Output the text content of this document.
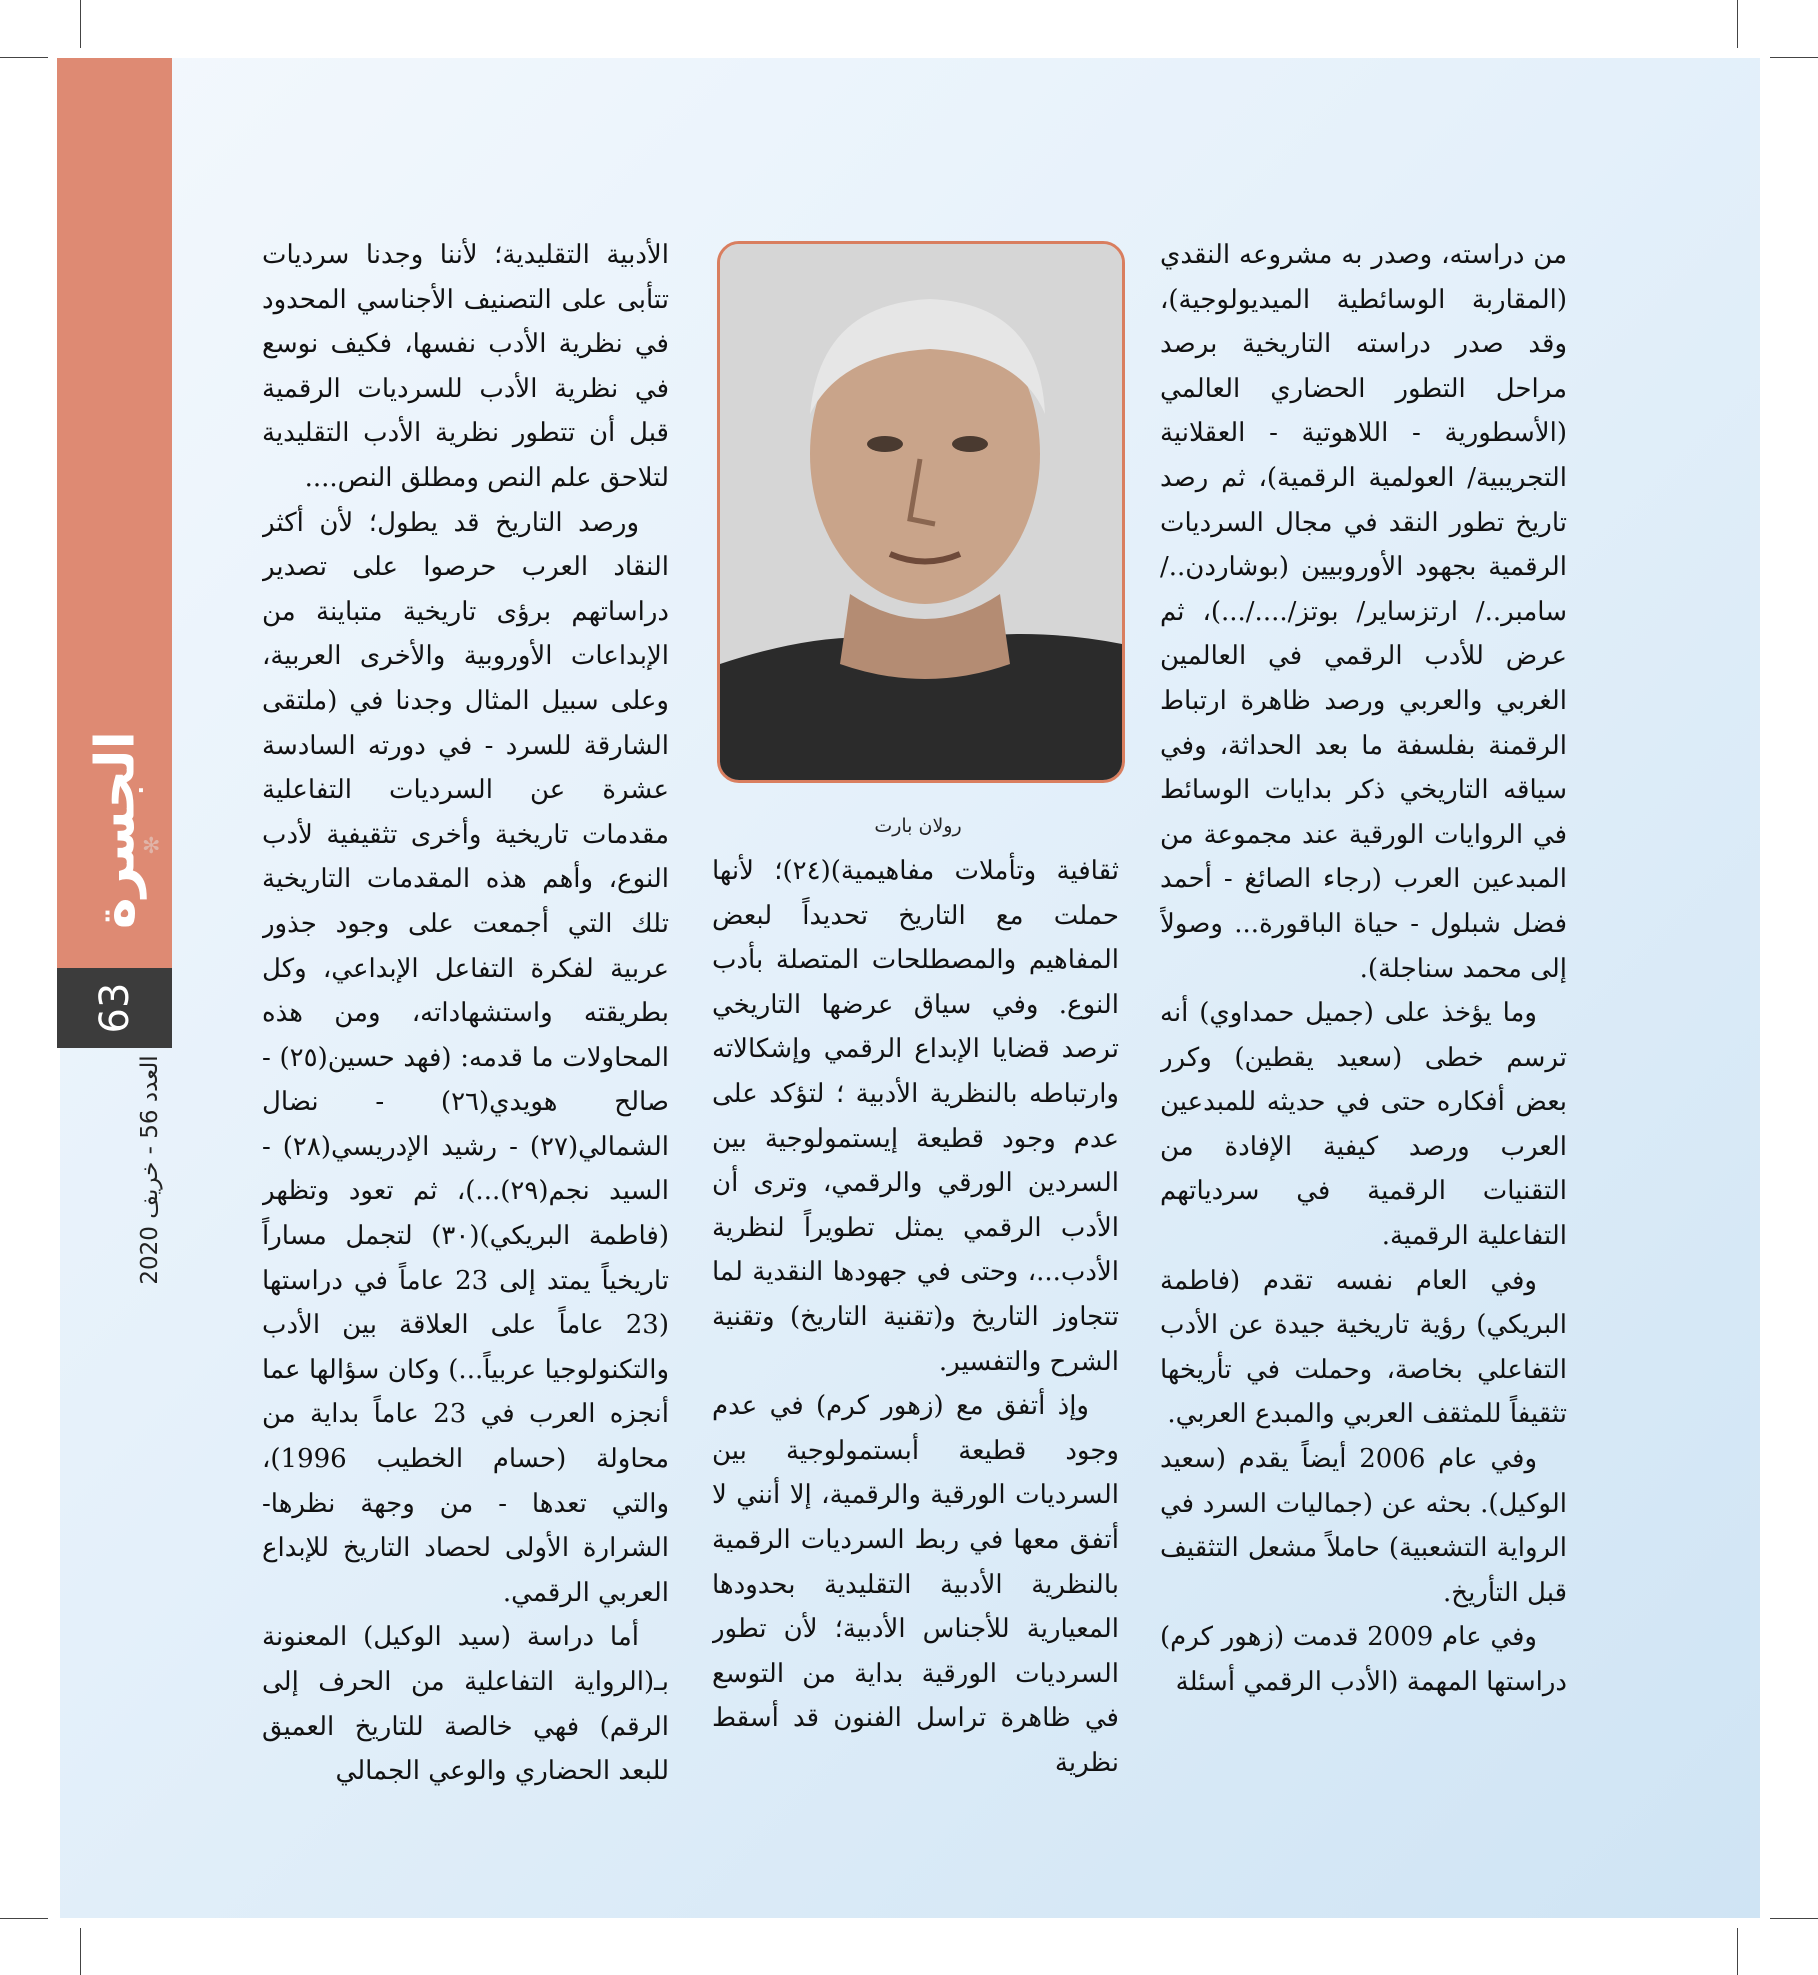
الجسرة
✻
63
العدد 56 - خريف 2020

من دراسته، وصدر به مشروعه النقدي (المقاربة الوسائطية الميديولوجية)، وقد صدر دراسته التاريخية برصد مراحل التطور الحضاري العالمي (الأسطورية - اللاهوتية - العقلانية التجريبية/ العولمية الرقمية)، ثم رصد تاريخ تطور النقد في مجال السرديات الرقمية بجهود الأوروبيين (بوشاردن../ سامبر../ ارتزساير/ بوتز/..../...)، ثم عرض للأدب الرقمي في العالمين الغربي والعربي ورصد ظاهرة ارتباط الرقمنة بفلسفة ما بعد الحداثة، وفي سياقه التاريخي ذكر بدايات الوسائط في الروايات الورقية عند مجموعة من المبدعين العرب (رجاء الصائغ - أحمد فضل شبلول - حياة الباقورة... وصولاً إلى محمد سناجلة).

وما يؤخذ على (جميل حمداوي) أنه ترسم خطى (سعيد يقطين) وكرر بعض أفكاره حتى في حديثه للمبدعين العرب ورصد كيفية الإفادة من التقنيات الرقمية في سردياتهم التفاعلية الرقمية.

وفي العام نفسه تقدم (فاطمة البريكي) رؤية تاريخية جيدة عن الأدب التفاعلي بخاصة، وحملت في تأريخها تثقيفاً للمثقف العربي والمبدع العربي.

وفي عام 2006 أيضاً يقدم (سعيد الوكيل). بحثه عن (جماليات السرد في الرواية التشعبية) حاملاً مشعل التثقيف قبل التأريخ.

وفي عام 2009 قدمت (زهور كرم) دراستها المهمة (الأدب الرقمي أسئلة

رولان بارت

ثقافية وتأملات مفاهيمية)(٢٤)؛ لأنها حملت مع التاريخ تحديداً لبعض المفاهيم والمصطلحات المتصلة بأدب النوع. وفي سياق عرضها التاريخي ترصد قضايا الإبداع الرقمي وإشكالاته وارتباطه بالنظرية الأدبية ؛ لتؤكد على عدم وجود قطيعة إيستمولوجية بين السردين الورقي والرقمي، وترى أن الأدب الرقمي يمثل تطويراً لنظرية الأدب...، وحتى في جهودها النقدية لما تتجاوز التاريخ و(تقنية التاريخ) وتقنية الشرح والتفسير.

وإذ أتفق مع (زهور كرم) في عدم وجود قطيعة أبستمولوجية بين السرديات الورقية والرقمية، إلا أنني لا أتفق معها في ربط السرديات الرقمية بالنظرية الأدبية التقليدية بحدودها المعيارية للأجناس الأدبية؛ لأن تطور السرديات الورقية بداية من التوسع في ظاهرة تراسل الفنون قد أسقط نظرية

الأدبية التقليدية؛ لأننا وجدنا سرديات تتأبى على التصنيف الأجناسي المحدود في نظرية الأدب نفسها، فكيف نوسع في نظرية الأدب للسرديات الرقمية قبل أن تتطور نظرية الأدب التقليدية لتلاحق علم النص ومطلق النص....

ورصد التاريخ قد يطول؛ لأن أكثر النقاد العرب حرصوا على تصدير دراساتهم برؤى تاريخية متباينة من الإبداعات الأوروبية والأخرى العربية، وعلى سبيل المثال وجدنا في (ملتقى الشارقة للسرد - في دورته السادسة عشرة عن السرديات التفاعلية مقدمات تاريخية وأخرى تثقيفية لأدب النوع، وأهم هذه المقدمات التاريخية تلك التي أجمعت على وجود جذور عربية لفكرة التفاعل الإبداعي، وكل بطريقته واستشهاداته، ومن هذه المحاولات ما قدمه: (فهد حسين(٢٥) - صالح هويدي(٢٦) - نضال الشمالي(٢٧) - رشيد الإدريسي(٢٨) - السيد نجم(٢٩)...)، ثم تعود وتظهر (فاطمة البريكي)(٣٠) لتجمل مساراً تاريخياً يمتد إلى 23 عاماً في دراستها (23 عاماً على العلاقة بين الأدب والتكنولوجيا عربياً...) وكان سؤالها عما أنجزه العرب في 23 عاماً بداية من محاولة (حسام الخطيب 1996)، والتي تعدها - من وجهة نظرها- الشرارة الأولى لحصاد التاريخ للإبداع العربي الرقمي.

أما دراسة (سيد الوكيل) المعنونة بـ(الرواية التفاعلية من الحرف إلى الرقم) فهي خالصة للتاريخ العميق للبعد الحضاري والوعي الجمالي
